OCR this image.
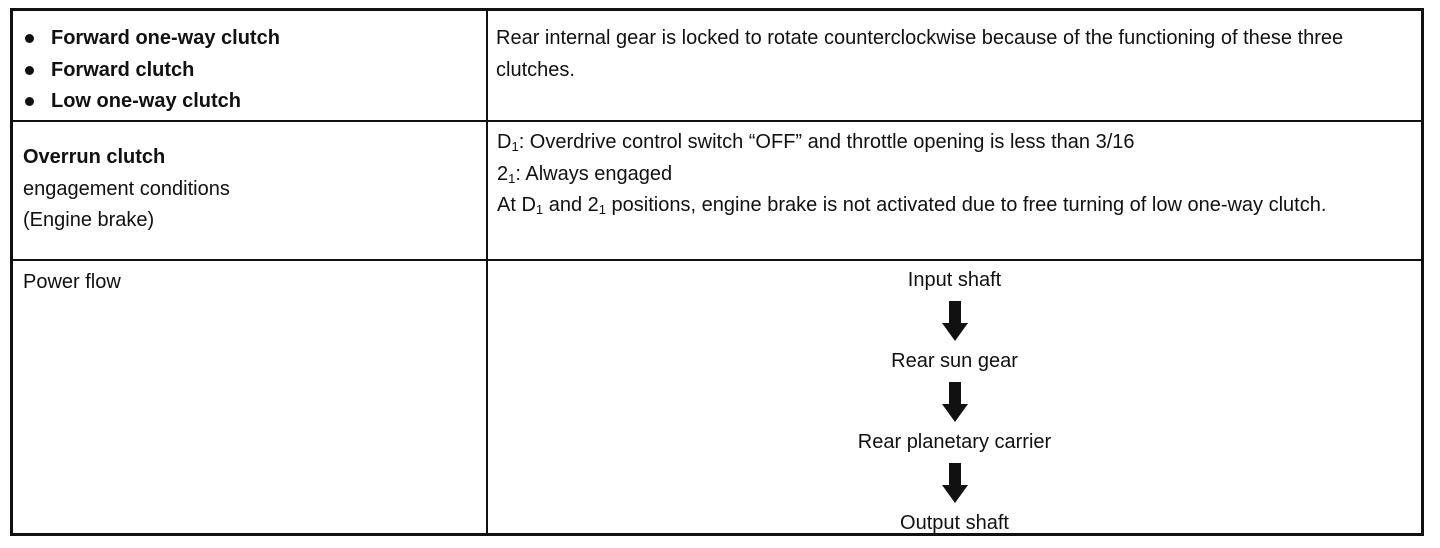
Forward one-way clutch
Forward clutch
Low one-way clutch
Rear internal gear is locked to rotate counterclockwise because of the functioning of these three clutches.
Overrun clutch
engagement conditions
(Engine brake)
$D_1$: Overdrive control switch “OFF” and throttle opening is less than 3/16
$2_1$: Always engaged
At $D_1$ and $2_1$ positions, engine brake is not activated due to free turning of low one-way clutch.
Power flow	Input shaft
Rear sun gear
Rear planetary carrier
Output shaft
